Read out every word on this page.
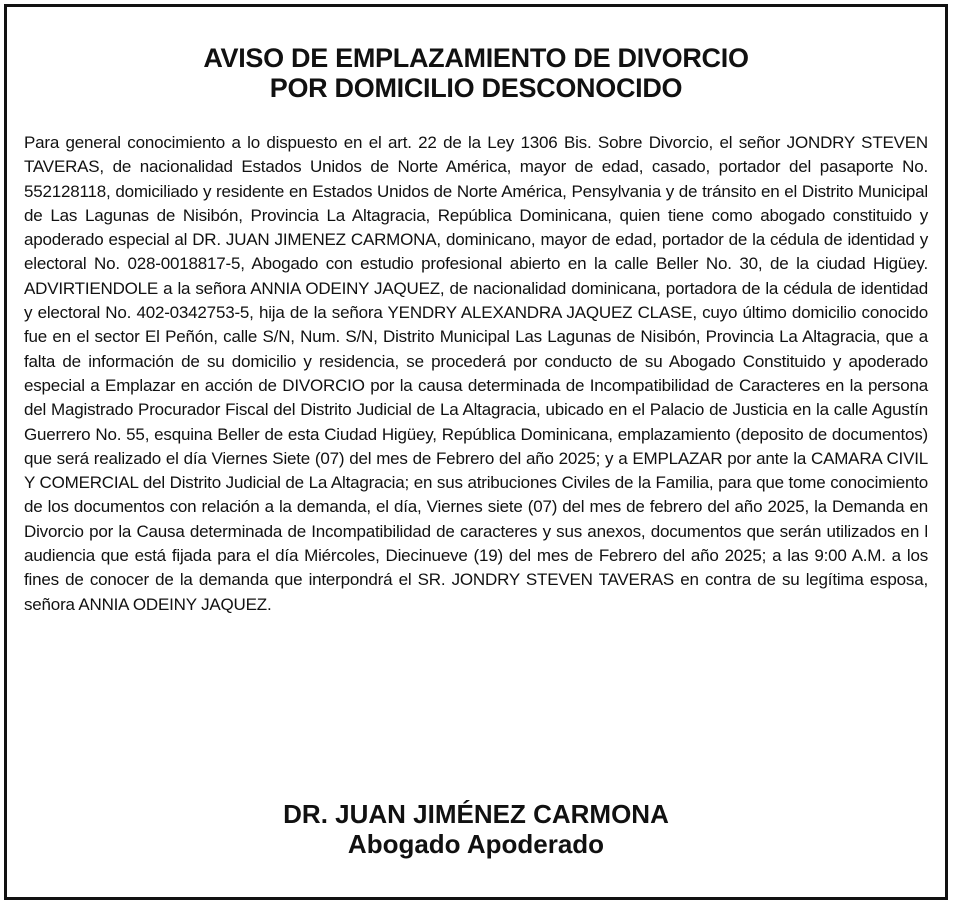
AVISO DE EMPLAZAMIENTO DE DIVORCIO
POR DOMICILIO DESCONOCIDO

Para general conocimiento a lo dispuesto en el art. 22 de la Ley 1306 Bis. Sobre Divorcio, el señor JONDRY STEVEN TAVERAS, de nacionalidad Estados Unidos de Norte América, mayor de edad, casado, portador del pasaporte No. 552128118, domiciliado y residente en Estados Unidos de Norte América, Pensylvania y de tránsito en el Distrito Municipal de Las Lagunas de Nisibón, Provincia La Altagracia, República Dominicana, quien tiene como abogado constituido y apoderado especial al DR. JUAN JIMENEZ CARMONA, dominicano, mayor de edad, portador de la cédula de identidad y electoral No. 028-0018817-5, Abogado con estudio profesional abierto en la calle Beller No. 30, de la ciudad Higüey. ADVIRTIENDOLE a la señora ANNIA ODEINY JAQUEZ, de nacionalidad dominicana, portadora de la cédula de identidad y electoral No. 402-0342753-5, hija de la señora YENDRY ALEXANDRA JAQUEZ CLASE, cuyo último domicilio conocido fue en el sector El Peñón, calle S/N, Num. S/N, Distrito Municipal Las Lagunas de Nisibón, Provincia La Altagracia, que a falta de información de su domicilio y residencia, se procederá por conducto de su Abogado Constituido y apoderado especial a Emplazar en acción de DIVORCIO por la causa determinada de Incompatibilidad de Caracteres en la persona del Magistrado Procurador Fiscal del Distrito Judicial de La Altagracia, ubicado en el Palacio de Justicia en la calle Agustín Guerrero No. 55, esquina Beller de esta Ciudad Higüey, República Dominicana, emplazamiento (deposito de documentos) que será realizado el día Viernes Siete (07) del mes de Febrero del año 2025; y a EMPLAZAR por ante la CAMARA CIVIL Y COMERCIAL del Distrito Judicial de La Altagracia; en sus atribuciones Civiles de la Familia, para que tome conocimiento de los documentos con relación a la demanda, el día, Viernes siete (07) del mes de febrero del año 2025, la Demanda en Divorcio por la Causa determinada de Incompatibilidad de caracteres y sus anexos, documentos que serán utilizados en l audiencia que está fijada para el día Miércoles, Diecinueve (19) del mes de Febrero del año 2025; a las 9:00 A.M. a los fines de conocer de la demanda que interpondrá el SR. JONDRY STEVEN TAVERAS en contra de su legítima esposa, señora ANNIA ODEINY JAQUEZ.

DR. JUAN JIMÉNEZ CARMONA
Abogado Apoderado
